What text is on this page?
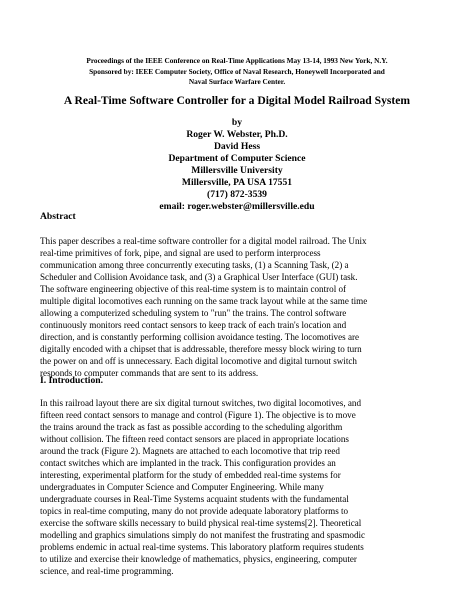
Proceedings of the IEEE Conference on Real-Time Applications May 13-14, 1993 New York, N.Y.
Sponsored by: IEEE Computer Society, Office of Naval Research, Honeywell Incorporated and
Naval Surface Warfare Center.
A Real-Time Software Controller for a Digital Model Railroad System
by
Roger W. Webster, Ph.D.
David Hess
Department of Computer Science
Millersville University
Millersville, PA USA 17551
(717) 872-3539
email: roger.webster@millersville.edu
Abstract
This paper describes a real-time software controller for a digital model railroad. The Unix
real-time primitives of fork, pipe, and signal are used to perform interprocess
communication among three concurrently executing tasks, (1) a Scanning Task, (2) a
Scheduler and Collision Avoidance task, and (3) a Graphical User Interface (GUI) task.
The software engineering objective of this real-time system is to maintain control of
multiple digital locomotives each running on the same track layout while at the same time
allowing a computerized scheduling system to "run" the trains. The control software
continuously monitors reed contact sensors to keep track of each train's location and
direction, and is constantly performing collision avoidance testing. The locomotives are
digitally encoded with a chipset that is addressable, therefore messy block wiring to turn
the power on and off is unnecessary. Each digital locomotive and digital turnout switch
responds to computer commands that are sent to its address.
I. Introduction.
In this railroad layout there are six digital turnout switches, two digital locomotives, and
fifteen reed contact sensors to manage and control (Figure 1). The objective is to move
the trains around the track as fast as possible according to the scheduling algorithm
without collision. The fifteen reed contact sensors are placed in appropriate locations
around the track (Figure 2). Magnets are attached to each locomotive that trip reed
contact switches which are implanted in the track. This configuration provides an
interesting, experimental platform for the study of embedded real-time systems for
undergraduates in Computer Science and Computer Engineering. While many
undergraduate courses in Real-Time Systems acquaint students with the fundamental
topics in real-time computing, many do not provide adequate laboratory platforms to
exercise the software skills necessary to build physical real-time systems[2]. Theoretical
modelling and graphics simulations simply do not manifest the frustrating and spasmodic
problems endemic in actual real-time systems. This laboratory platform requires students
to utilize and exercise their knowledge of mathematics, physics, engineering, computer
science, and real-time programming.
